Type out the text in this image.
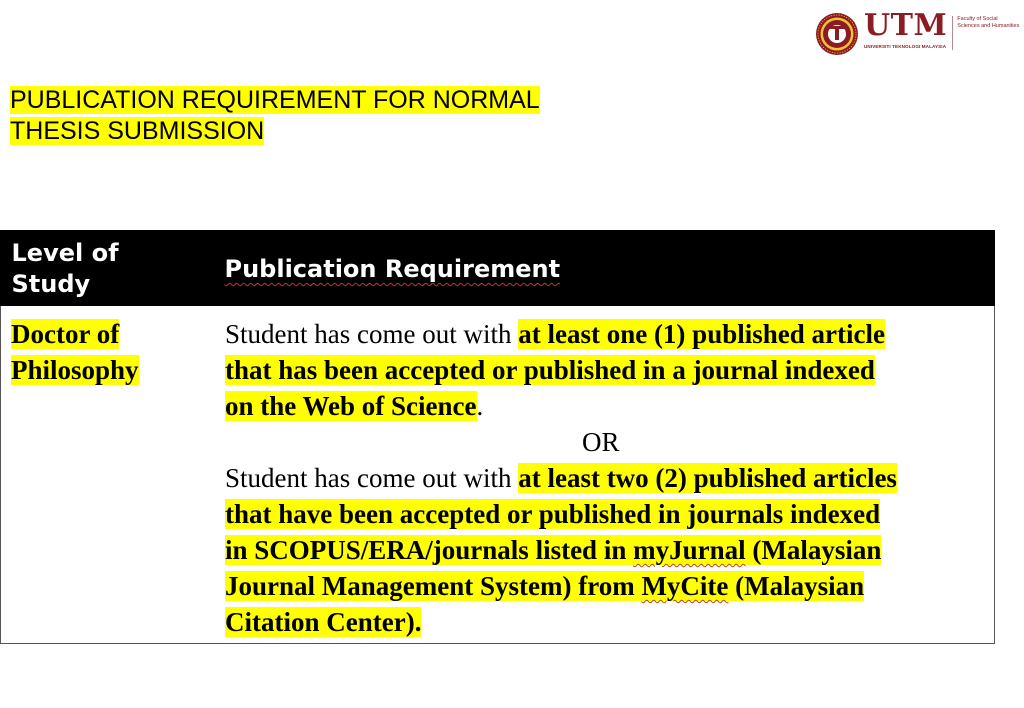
UTM
UNIVERSITI TEKNOLOGI MALAYSIA
Faculty of Social Sciences and Humanities
PUBLICATION REQUIREMENT FOR NORMAL
THESIS SUBMISSION
Level of Study
Publication Requirement
Doctor of
Philosophy
Student has come out with at least one (1) published article
that has been accepted or published in a journal indexed
on the Web of Science.
OR
Student has come out with at least two (2) published articles
that have been accepted or published in journals indexed
in SCOPUS/ERA/journals listed in myJurnal (Malaysian
Journal Management System) from MyCite (Malaysian
Citation Center).
